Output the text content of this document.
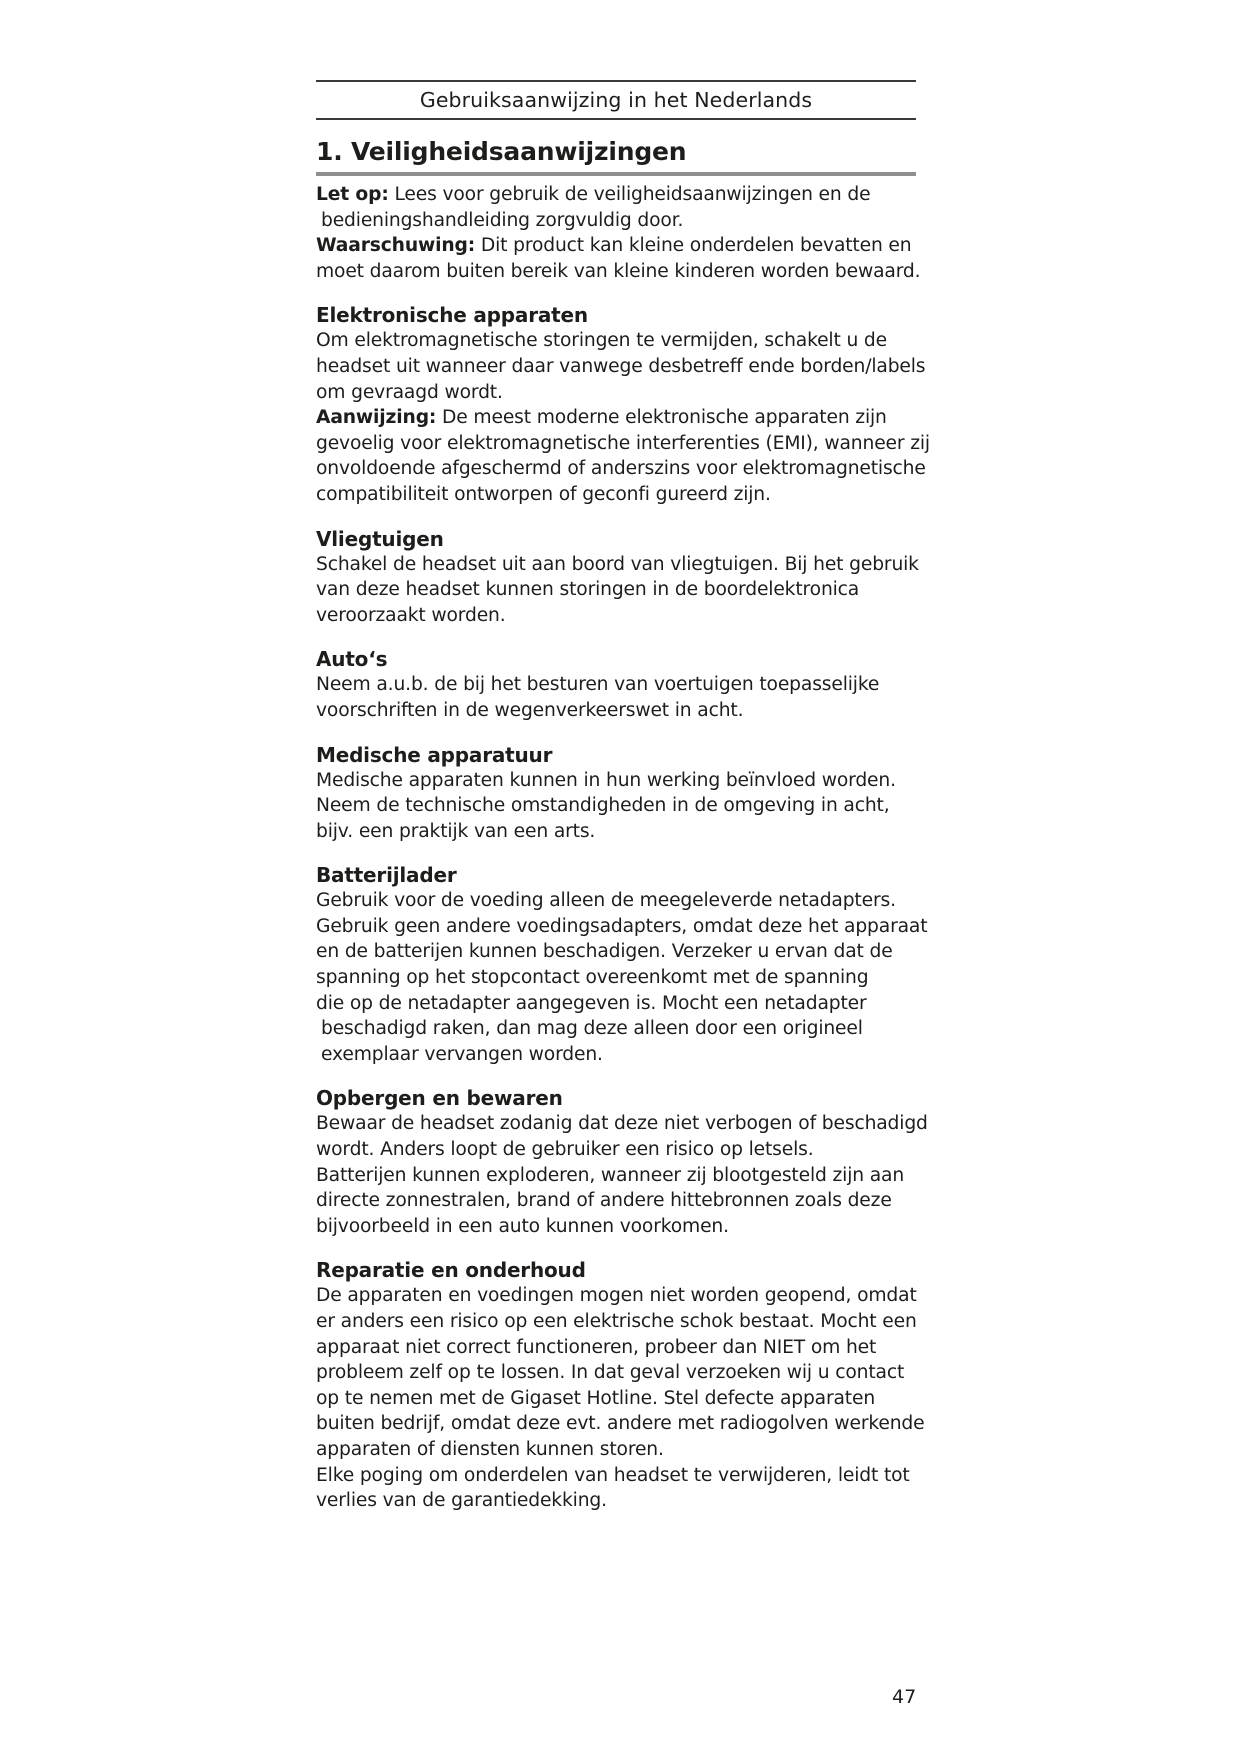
Gebruiksaanwijzing in het Nederlands
1. Veiligheidsaanwijzingen

Let op: Lees voor gebruik de veiligheidsaanwijzingen en de
bedieningshandleiding zorgvuldig door.
Waarschuwing: Dit product kan kleine onderdelen bevatten en
moet daarom buiten bereik van kleine kinderen worden bewaard.

Elektronische apparaten

Om elektromagnetische storingen te vermijden, schakelt u de
headset uit wanneer daar vanwege desbetreff ende borden/labels
om gevraagd wordt.
Aanwijzing: De meest moderne elektronische apparaten zijn
gevoelig voor elektromagnetische interferenties (EMI), wanneer zij
onvoldoende afgeschermd of anderszins voor elektromagnetische
compatibiliteit ontworpen of geconfi gureerd zijn.

Vliegtuigen

Schakel de headset uit aan boord van vliegtuigen. Bij het gebruik
van deze headset kunnen storingen in de boordelektronica
veroorzaakt worden.

Auto‘s

Neem a.u.b. de bij het besturen van voertuigen toepasselijke
voorschriften in de wegenverkeerswet in acht.

Medische apparatuur

Medische apparaten kunnen in hun werking beïnvloed worden.
Neem de technische omstandigheden in de omgeving in acht,
bijv. een praktijk van een arts.

Batterijlader

Gebruik voor de voeding alleen de meegeleverde netadapters.
Gebruik geen andere voedingsadapters, omdat deze het apparaat
en de batterijen kunnen beschadigen. Verzeker u ervan dat de
spanning op het stopcontact overeenkomt met de spanning
die op de netadapter aangegeven is. Mocht een netadapter
beschadigd raken, dan mag deze alleen door een origineel
exemplaar vervangen worden.

Opbergen en bewaren

Bewaar de headset zodanig dat deze niet verbogen of beschadigd
wordt. Anders loopt de gebruiker een risico op letsels.
Batterijen kunnen exploderen, wanneer zij blootgesteld zijn aan
directe zonnestralen, brand of andere hittebronnen zoals deze
bijvoorbeeld in een auto kunnen voorkomen.

Reparatie en onderhoud

De apparaten en voedingen mogen niet worden geopend, omdat
er anders een risico op een elektrische schok bestaat. Mocht een
apparaat niet correct functioneren, probeer dan NIET om het
probleem zelf op te lossen. In dat geval verzoeken wij u contact
op te nemen met de Gigaset Hotline. Stel defecte apparaten
buiten bedrijf, omdat deze evt. andere met radiogolven werkende
apparaten of diensten kunnen storen.
Elke poging om onderdelen van headset te verwijderen, leidt tot
verlies van de garantiedekking.

47
